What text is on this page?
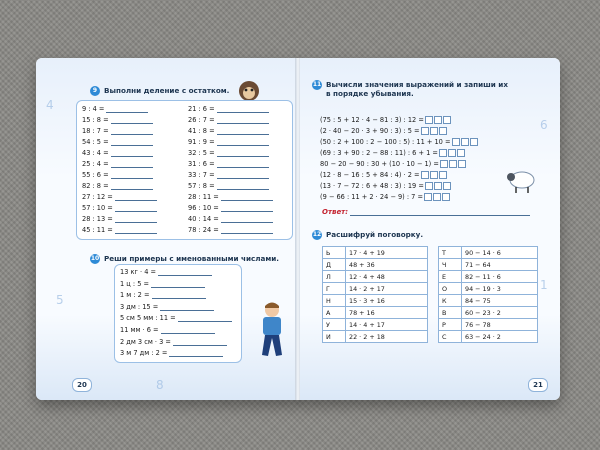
4
5
8
9 Выполни деление с остатком.
9 : 4 =
15 : 8 =
18 : 7 =
54 : 5 =
43 : 4 =
25 : 4 =
55 : 6 =
82 : 8 =
27 : 12 =
57 : 10 =
28 : 13 =
45 : 11 =
21 : 6 =
26 : 7 =
41 : 8 =
91 : 9 =
32 : 5 =
31 : 6 =
33 : 7 =
57 : 8 =
28 : 11 =
96 : 10 =
40 : 14 =
78 : 24 =
10 Реши примеры с именованными числами.
13 кг · 4 =
1 ц : 5 =
1 м : 2 =
3 дм : 15 =
5 см 5 мм : 11 =
11 мм · 6 =
2 дм 3 см · 3 =
3 м 7 дм : 2 =
20
6
1
11 Вычисли значения выражений и запиши их в порядке убывания.
(75 : 5 + 12 · 4 − 81 : 3) : 12 =
(2 · 40 − 20 · 3 + 90 : 3) : 5 =
(50 : 2 + 100 : 2 − 100 : 5) : 11 + 10 =
(69 : 3 + 90 : 2 − 88 : 11) : 6 + 1 =
80 − 20 − 90 : 30 + (10 · 10 − 1) =
(12 · 8 − 16 : 5 + 84 : 4) · 2 =
(13 · 7 − 72 : 6 + 48 : 3) : 19 =
(9 − 66 : 11 + 2 · 24 − 9) : 7 =
Ответ:
12 Расшифруй поговорку.
Ь	17 · 4 + 19
Д	48 + 36
Л	12 · 4 + 48
Г	14 · 2 + 17
Н	15 · 3 + 16
А	78 + 16
У	14 · 4 + 17
И	22 · 2 + 18
Т	90 − 14 · 6
Ч	71 − 64
Е	82 − 11 · 6
О	94 − 19 · 3
К	84 − 75
В	60 − 23 · 2
Р	76 − 78
С	63 − 24 · 2
21
